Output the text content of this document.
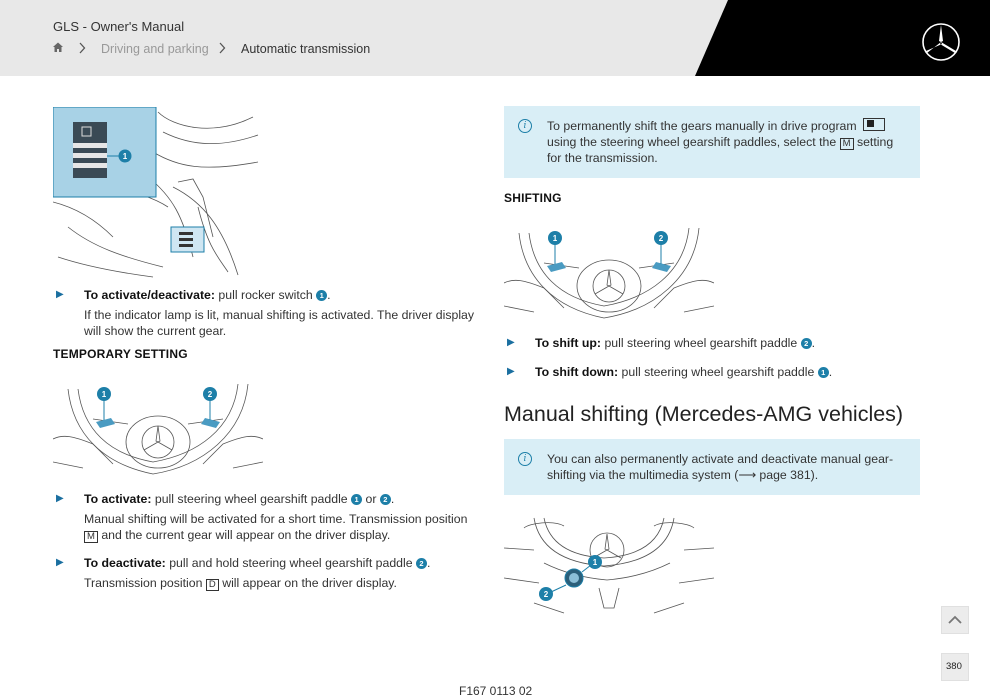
GLS - Owner's Manual
Driving and parking	Automatic transmission
1
▶ To activate/deactivate: pull rocker switch 1 .
If the indicator lamp is lit, manual shifting is activated. The driver display
will show the current gear.
TEMPORARY SETTING
1	2
▶ To activate: pull steering wheel gearshift paddle 1 or 2 .
Manual shifting will be activated for a short time. Transmission position
M and the current gear will appear on the driver display.
▶ To deactivate: pull and hold steering wheel gearshift paddle 2 .
Transmission position D will appear on the driver display.
i	To permanently shift the gears manually in drive program
using the steering wheel gearshift paddles, select the M setting
for the transmission.
SHIFTING
1	2
▶ To shift up: pull steering wheel gearshift paddle 2 .
▶ To shift down: pull steering wheel gearshift paddle 1 .
Manual shifting (Mercedes-AMG vehicles)
i	You can also permanently activate and deactivate manual gear-
shifting via the multimedia system (⟶ page 381).
1
2
380
F167 0113 02
